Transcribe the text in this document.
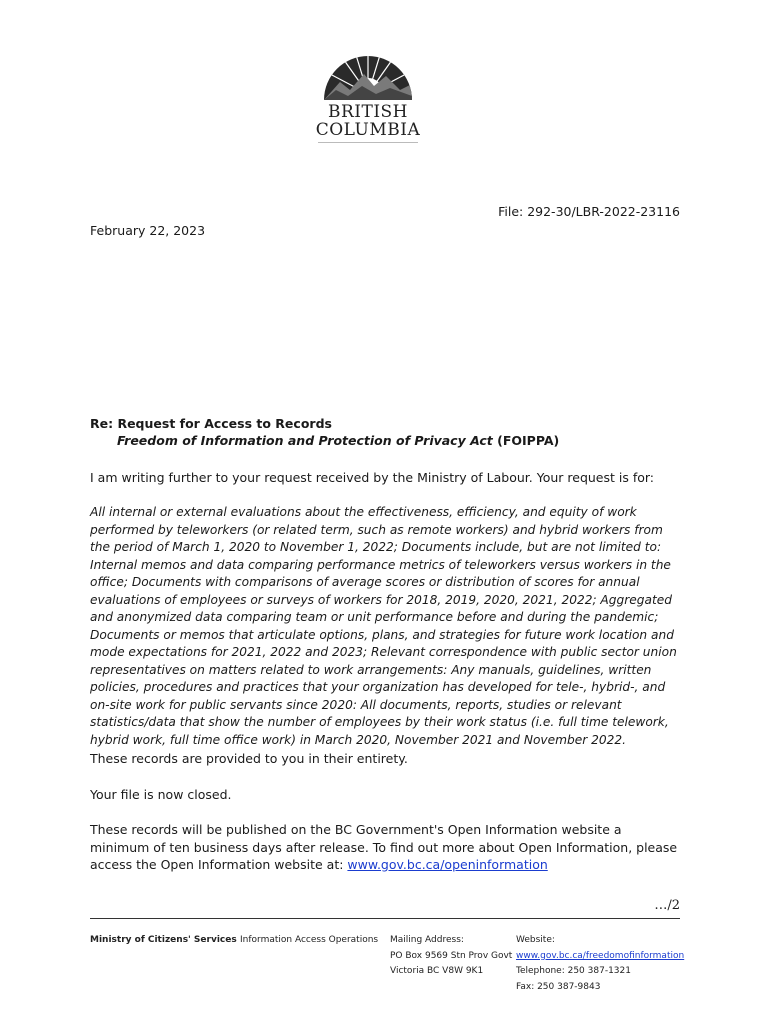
BRITISH
COLUMBIA
File: 292-30/LBR-2022-23116
February 22, 2023
Re: Request for Access to Records
Freedom of Information and Protection of Privacy Act (FOIPPA)
I am writing further to your request received by the Ministry of Labour. Your request is for:
All internal or external evaluations about the effectiveness, efficiency, and equity of work performed by teleworkers (or related term, such as remote workers) and hybrid workers from the period of March 1, 2020 to November 1, 2022; Documents include, but are not limited to: Internal memos and data comparing performance metrics of teleworkers versus workers in the office; Documents with comparisons of average scores or distribution of scores for annual evaluations of employees or surveys of workers for 2018, 2019, 2020, 2021, 2022; Aggregated and anonymized data comparing team or unit performance before and during the pandemic; Documents or memos that articulate options, plans, and strategies for future work location and mode expectations for 2021, 2022 and 2023; Relevant correspondence with public sector union representatives on matters related to work arrangements: Any manuals, guidelines, written policies, procedures and practices that your organization has developed for tele-, hybrid-, and on-site work for public servants since 2020: All documents, reports, studies or relevant statistics/data that show the number of employees by their work status (i.e. full time telework, hybrid work, full time office work) in March 2020, November 2021 and November 2022.
These records are provided to you in their entirety.
Your file is now closed.
These records will be published on the BC Government's Open Information website a minimum of ten business days after release. To find out more about Open Information, please access the Open Information website at: www.gov.bc.ca/openinformation
…/2
Ministry of Citizens' Services Information Access Operations Mailing Address:
PO Box 9569 Stn Prov Govt
Victoria BC V8W 9K1
Website:
www.gov.bc.ca/freedomofinformation
Telephone: 250 387-1321
Fax: 250 387-9843
